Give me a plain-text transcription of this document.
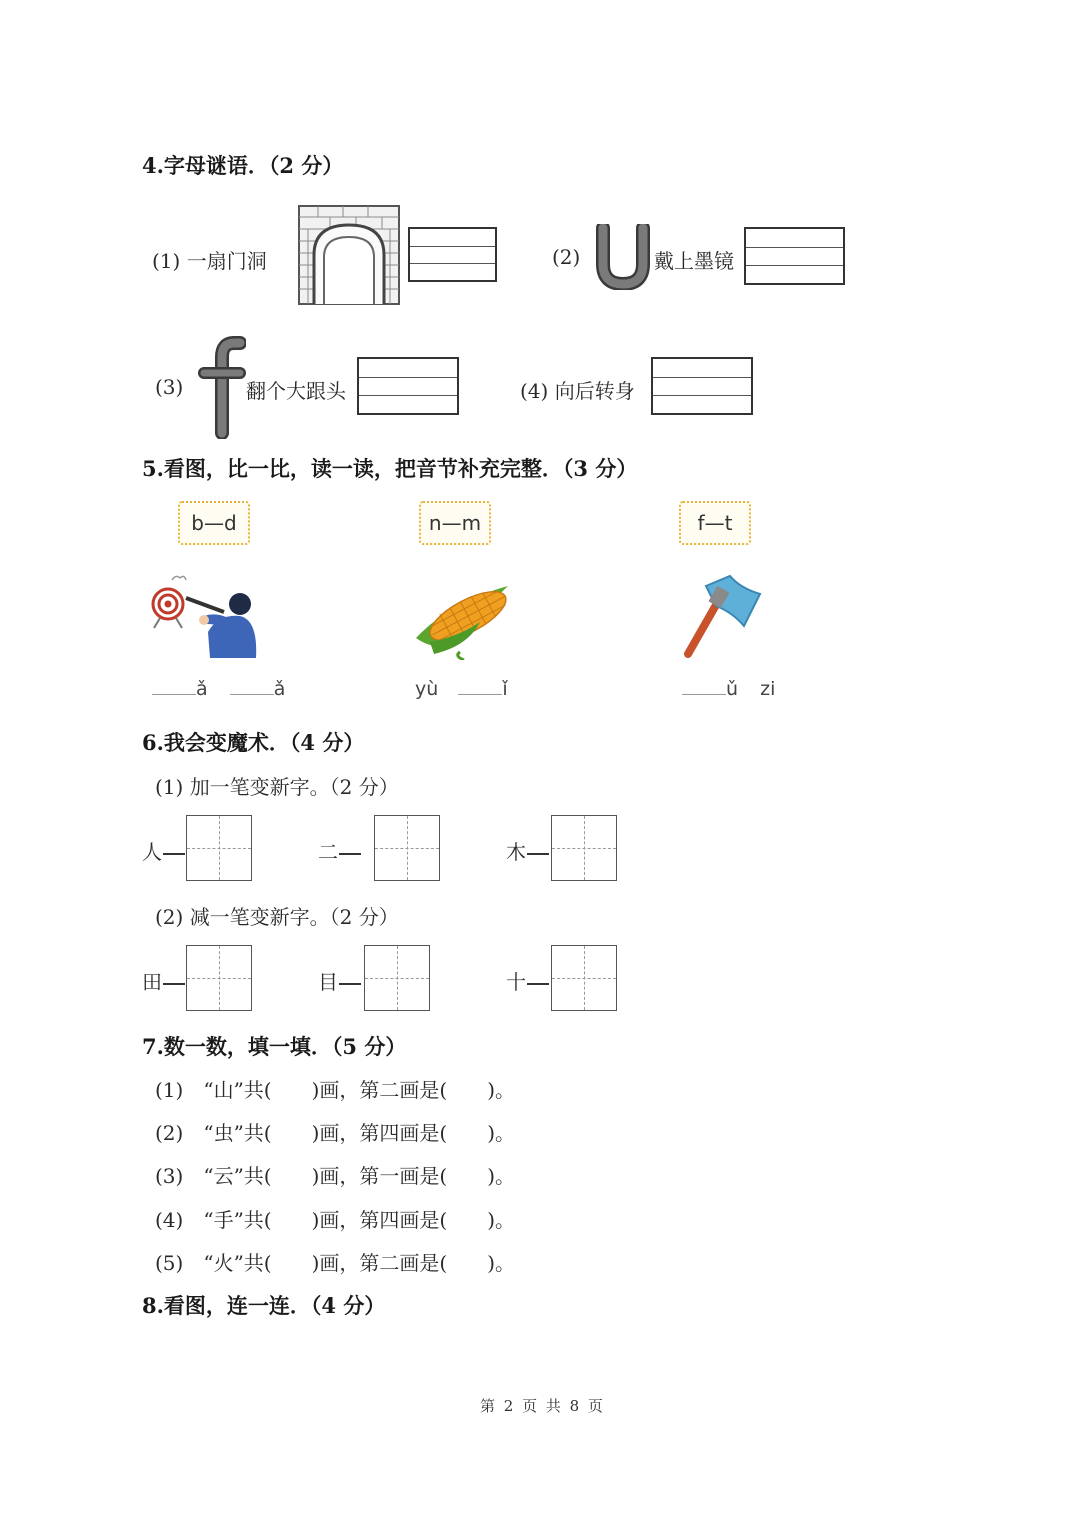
4.字母谜语．（2 分）
(1) 一扇门洞	(2)	U 戴上墨镜
(3)	f 翻个大跟头	(4) 向后转身
5.看图，比一比，读一读，把音节补充完整．（3 分）
b—d	n—m	f—t
ǎ	ǎ	yù	ǐ	ǔ zi
6.我会变魔术．（4 分）
(1) 加一笔变新字。（2 分）
人	二	木
(2) 减一笔变新字。（2 分）
田	目	十
7.数一数，填一填．（5 分）
(1)　 “山”共(　　)画，第二画是(　　)。
(2)　 “虫”共(　　)画，第四画是(　　)。
(3)　 “云”共(　　)画，第一画是(　　)。
(4)　 “手”共(　　)画，第四画是(　　)。
(5)　 “火”共(　　)画，第二画是(　　)。
8.看图，连一连．（4 分）
第 2 页 共 8 页
